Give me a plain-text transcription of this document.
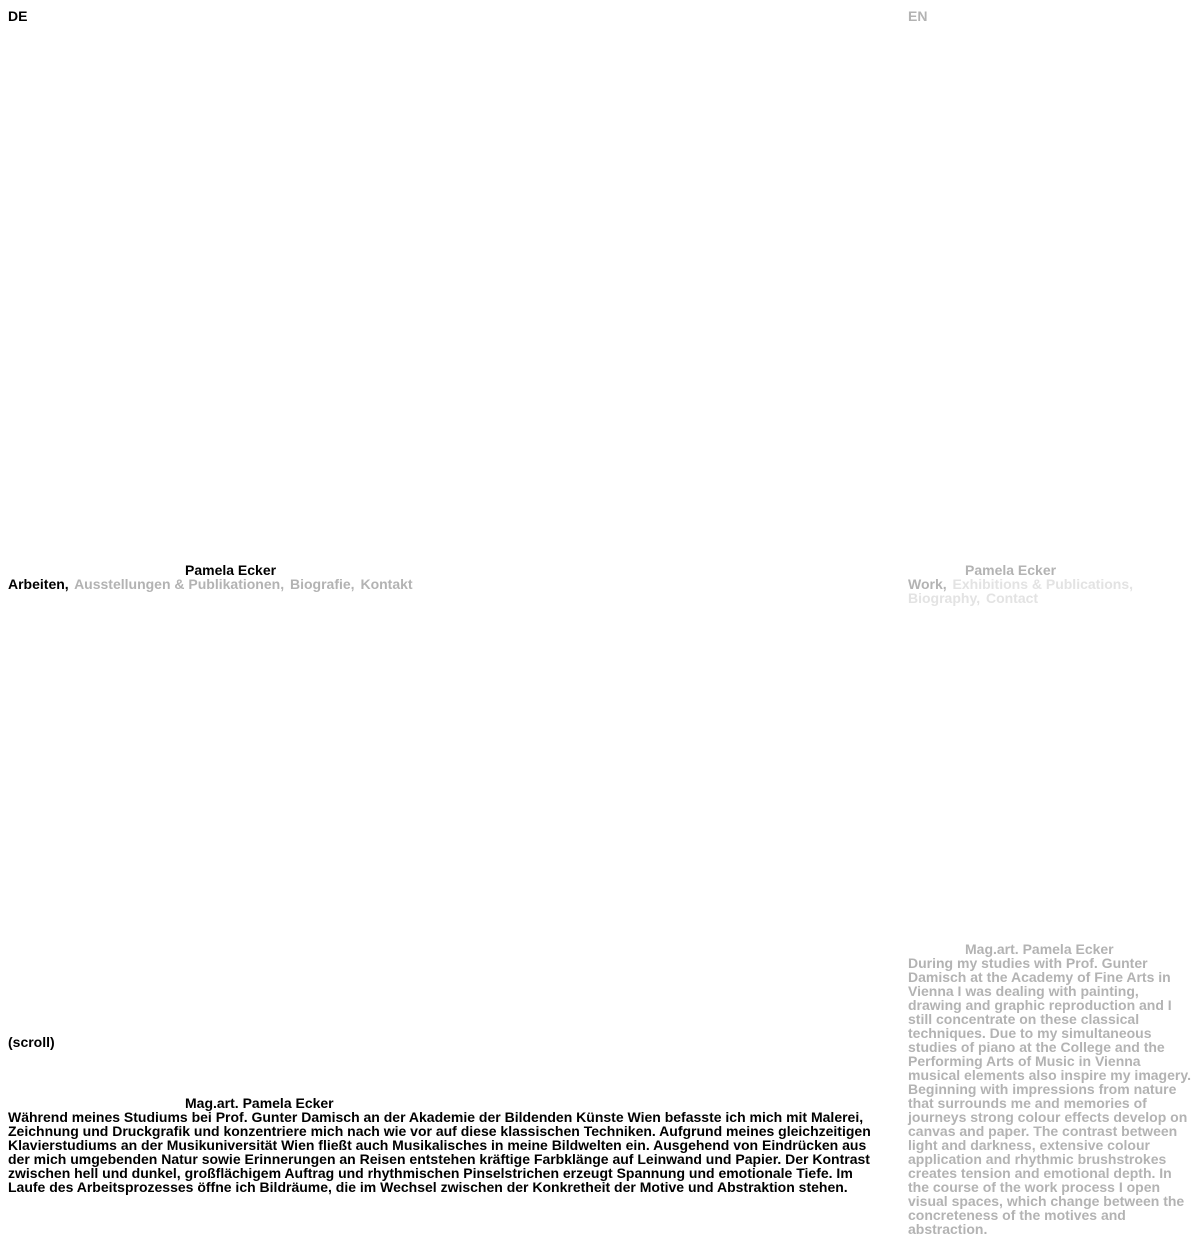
DE
Pamela Ecker
Arbeiten, Ausstellungen & Publikationen, Biografie, Kontakt
(scroll)
Mag.art. Pamela Ecker

Während meines Studiums bei Prof. Gunter Damisch an der Akademie der Bildenden Künste Wien befasste ich mich mit Malerei, Zeichnung und Druckgrafik und konzentriere mich nach wie vor auf diese klassischen Techniken. Aufgrund meines gleichzeitigen Klavierstudiums an der Musikuniversität Wien fließt auch Musikalisches in meine Bildwelten ein. Ausgehend von Eindrücken aus der mich umgebenden Natur sowie Erinnerungen an Reisen entstehen kräftige Farbklänge auf Leinwand und Papier. Der Kontrast zwischen hell und dunkel, großflächigem Auftrag und rhythmischen Pinselstrichen erzeugt Spannung und emotionale Tiefe. Im Laufe des Arbeitsprozesses öffne ich Bildräume, die im Wechsel zwischen der Konkretheit der Motive und Abstraktion stehen.

EN
Pamela Ecker
Work, Exhibitions & Publications, Biography, Contact
Mag.art. Pamela Ecker

During my studies with Prof. Gunter Damisch at the Academy of Fine Arts in Vienna I was dealing with painting, drawing and graphic reproduction and I still concentrate on these classical techniques. Due to my simultaneous studies of piano at the College and the Performing Arts of Music in Vienna musical elements also inspire my imagery. Beginning with impressions from nature that surrounds me and memories of journeys strong colour effects develop on canvas and paper. The contrast between light and darkness, extensive colour application and rhythmic brushstrokes creates tension and emotional depth. In the course of the work process I open visual spaces, which change between the concreteness of the motives and abstraction.
